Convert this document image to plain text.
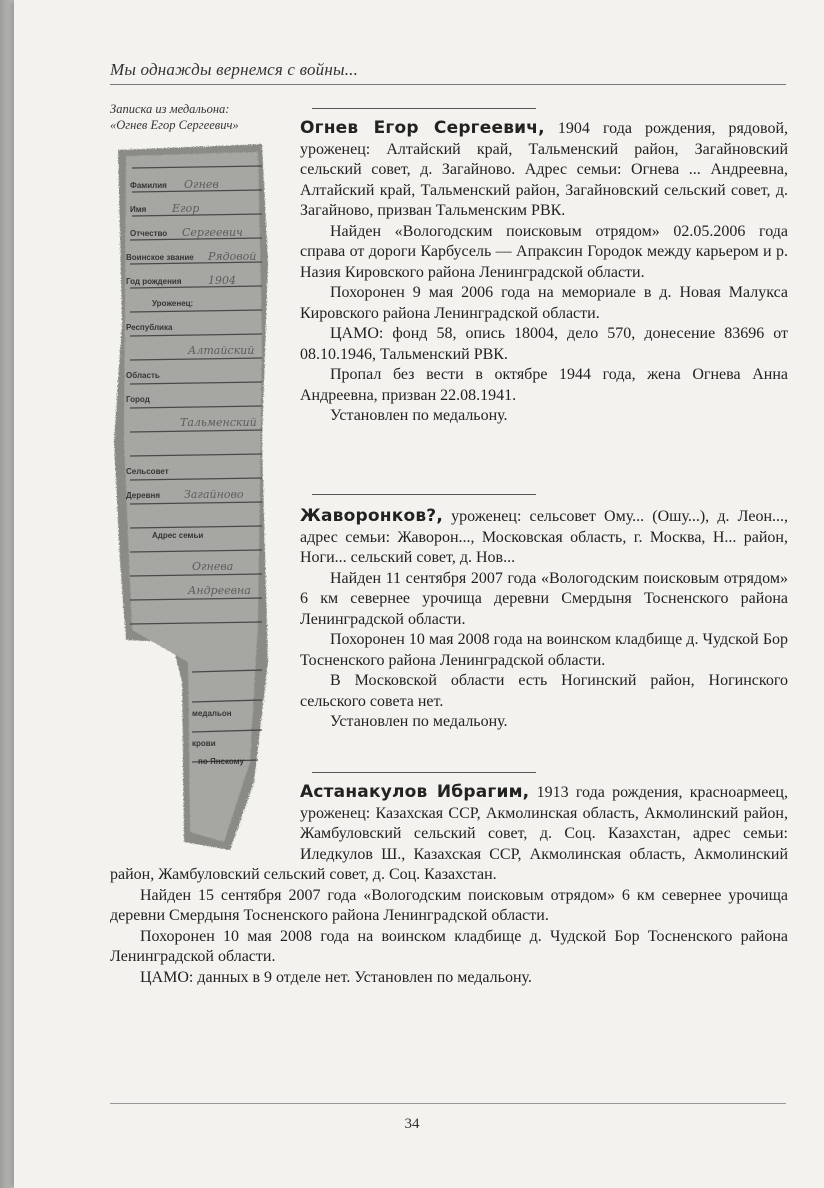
Мы однажды вернемся с войны...
Записка из медальона:
«Огнев Егор Сергеевич»
Фамилия
Имя
Отчество
Воинское звание
Год рождения
Уроженец:
Республика
Область
Город
Сельсовет
Деревня
Адрес семьи
медальон
крови
по Янскому
Огнев
Егор
Сергеевич
Рядовой
1904
Алтайский
Тальменский
Загайново
Огнева
Андреевна

Огнев Егор Сергеевич, 1904 года рождения, рядовой, уроженец: Алтайский край, Тальменский район, Загайновский сельский совет, д. Загайново. Адрес семьи: Огнева ... Андреевна, Алтайский край, Тальменский район, Загайновский сельский совет, д. Загайново, призван Тальменским РВК.

Найден «Вологодским поисковым отрядом» 02.05.2006 года справа от дороги Карбусель — Апраксин Городок между карьером и р. Назия Кировского района Ленинградской области.

Похоронен 9 мая 2006 года на мемориале в д. Новая Малукса Кировского района Ленинградской области.

ЦАМО: фонд 58, опись 18004, дело 570, донесение 83696 от 08.10.1946, Тальменский РВК.

Пропал без вести в октябре 1944 года, жена Огнева Анна Андреевна, призван 22.08.1941.

Установлен по медальону.

Жаворонков?, уроженец: сельсовет Ому... (Ошу...), д. Леон..., адрес семьи: Жаворон..., Московская область, г. Москва, Н... район, Ноги... сельский совет, д. Нов...

Найден 11 сентября 2007 года «Вологодским поисковым отрядом» 6 км севернее урочища деревни Смердыня Тосненского района Ленинградской области.

Похоронен 10 мая 2008 года на воинском кладбище д. Чудской Бор Тосненского района Ленинградской области.

В Московской области есть Ногинский район, Ногинского сельского совета нет.

Установлен по медальону.

Астанакулов Ибрагим, 1913 года рождения, красноармеец, уроженец: Казахская ССР, Акмолинская область, Акмолинский район, Жамбуловский сельский совет, д. Соц. Казахстан, адрес семьи: Иледкулов Ш., Казахская ССР, Акмолинская область, Акмолинский район, Жамбуловский сельский совет, д. Соц. Казахстан.

Найден 15 сентября 2007 года «Вологодским поисковым отрядом» 6 км севернее урочища деревни Смердыня Тосненского района Ленинградской области.

Похоронен 10 мая 2008 года на воинском кладбище д. Чудской Бор Тосненского района Ленинградской области.

ЦАМО: данных в 9 отделе нет. Установлен по медальону.

34
